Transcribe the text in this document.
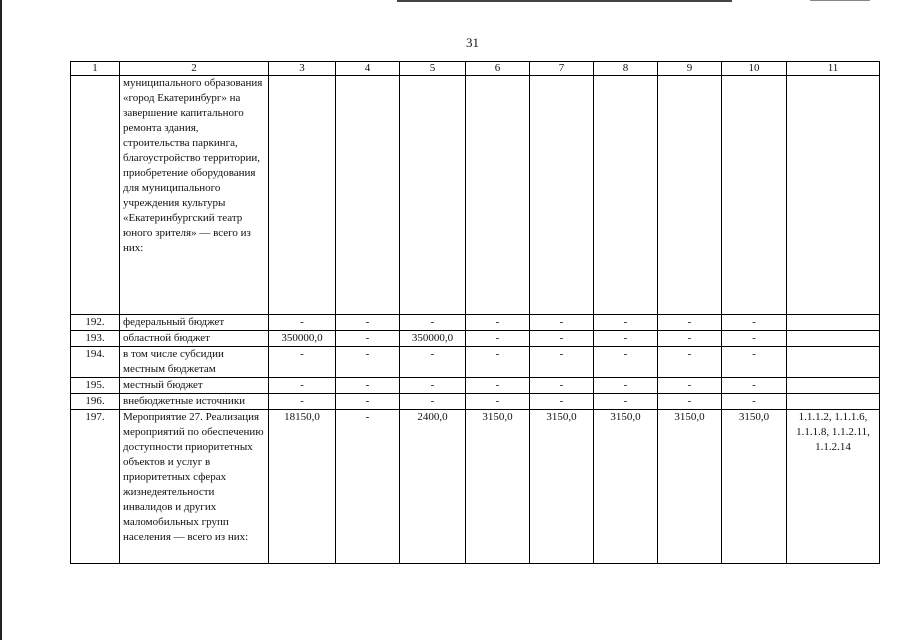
31
1	2	3	4	5	6	7	8	9	10	11
	муниципального образования «город Екатеринбург» на завершение капитального ремонта здания, строительства паркинга, благоустройство территории, приобретение оборудования для муниципального учреждения культуры «Екатеринбургский театр юного зрителя» — всего из них:									
192.	федеральный бюджет	-	-	-	-	-	-	-	-	
193.	областной бюджет	350000,0	-	350000,0	-	-	-	-	-	
194.	в том числе субсидии местным бюджетам	-	-	-	-	-	-	-	-	
195.	местный бюджет	-	-	-	-	-	-	-	-	
196.	внебюджетные источники	-	-	-	-	-	-	-	-	
197.	Мероприятие 27. Реализация мероприятий по обеспечению доступности приоритетных объектов и услуг в приоритетных сферах жизнедеятельности инвалидов и других маломобильных групп населения — всего из них:	18150,0	-	2400,0	3150,0	3150,0	3150,0	3150,0	3150,0	1.1.1.2, 1.1.1.6, 1.1.1.8, 1.1.2.11, 1.1.2.14
